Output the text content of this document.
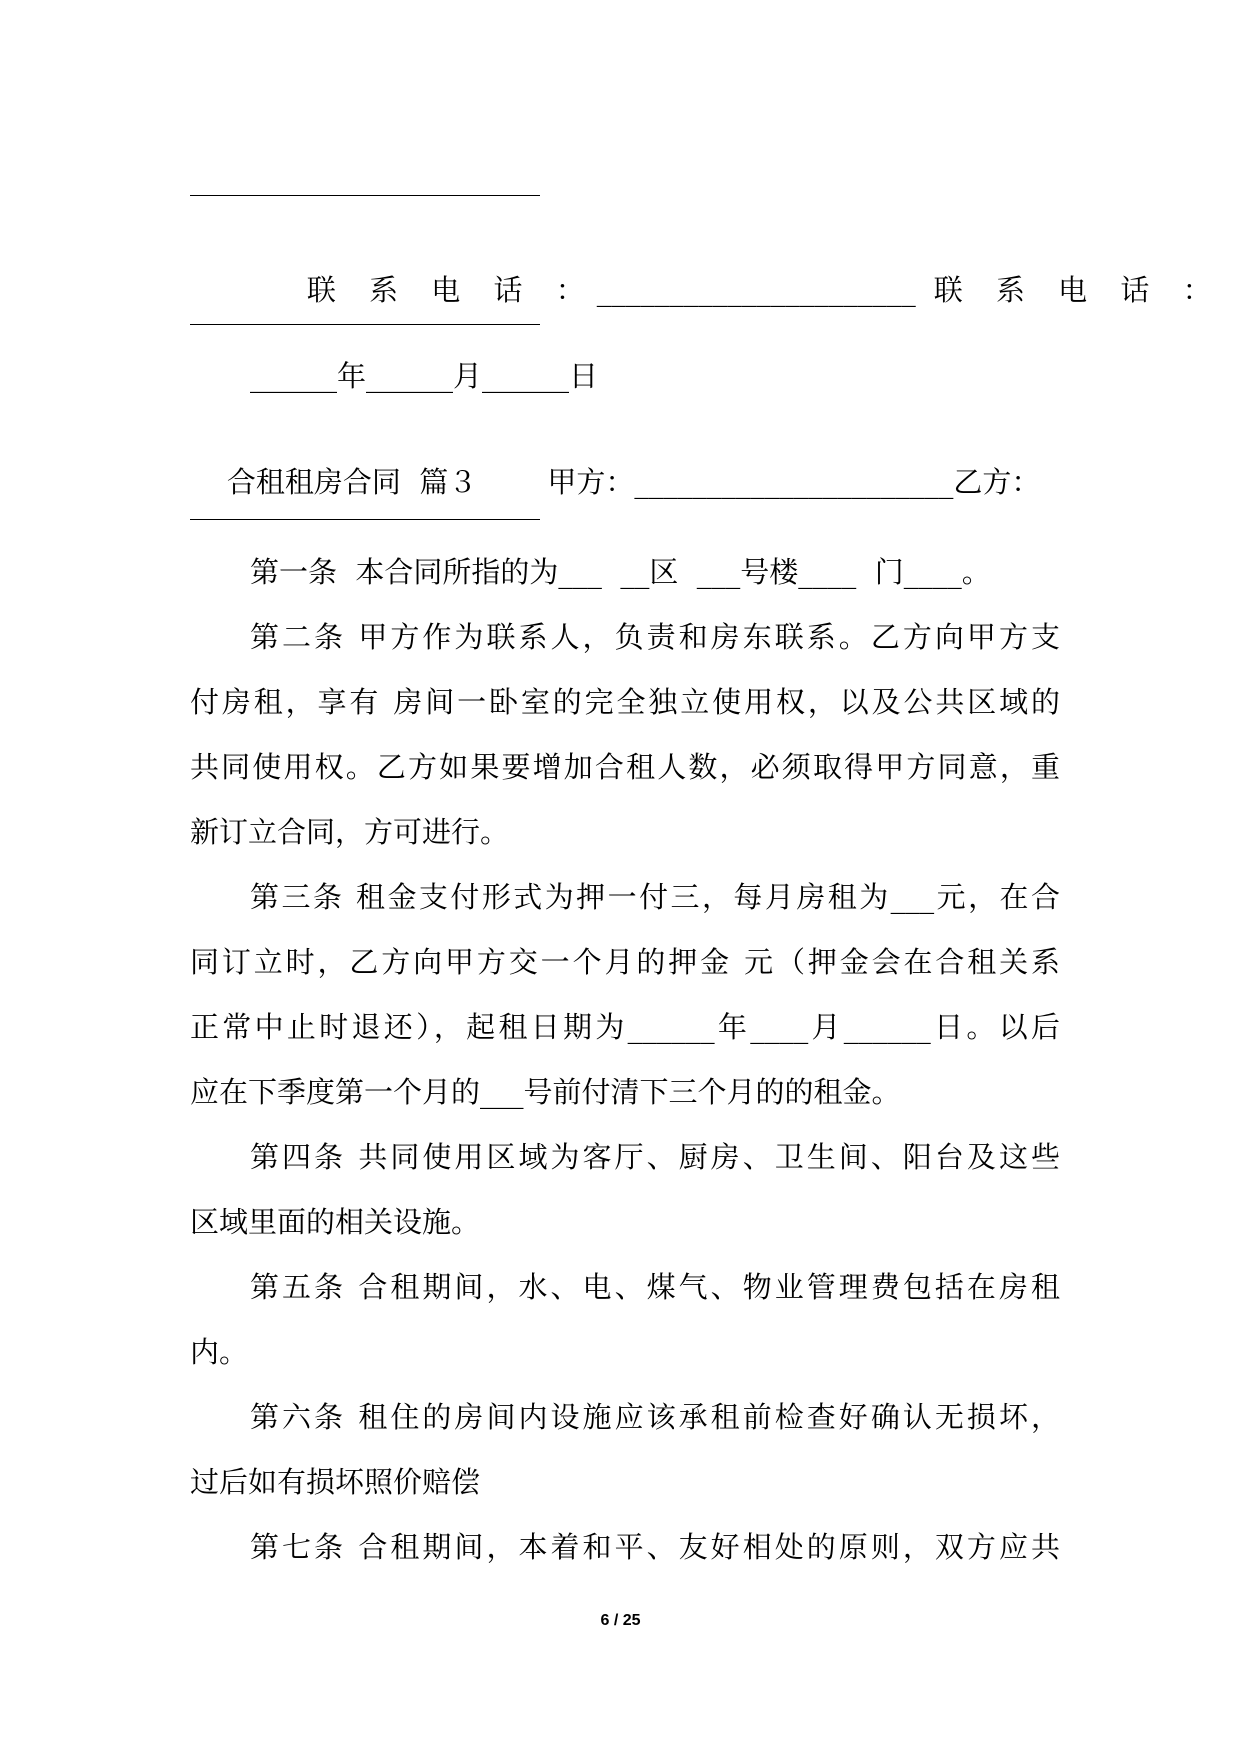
联 系 电 话 ：______________________ 联 系 电 话 ：

______年______月______日

合租租房合同  篇３ 甲方：______________________乙方：

第一条  本合同所指的为___  __区  ___号楼____  门____。
第二条 甲方作为联系人，负责和房东联系。乙方向甲方支
付房租，享有 房间一卧室的完全独立使用权，以及公共区域的
共同使用权。乙方如果要增加合租人数，必须取得甲方同意，重
新订立合同，方可进行。
第三条 租金支付形式为押一付三，每月房租为___元，在合
同订立时，乙方向甲方交一个月的押金 元（押金会在合租关系
正常中止时退还），起租日期为______年____月______日。以后
应在下季度第一个月的___号前付清下三个月的的租金。
第四条 共同使用区域为客厅、厨房、卫生间、阳台及这些
区域里面的相关设施。
第五条 合租期间，水、电、煤气、物业管理费包括在房租
内。
第六条 租住的房间内设施应该承租前检查好确认无损坏，
过后如有损坏照价赔偿
第七条 合租期间，本着和平、友好相处的原则，双方应共
6 / 25
